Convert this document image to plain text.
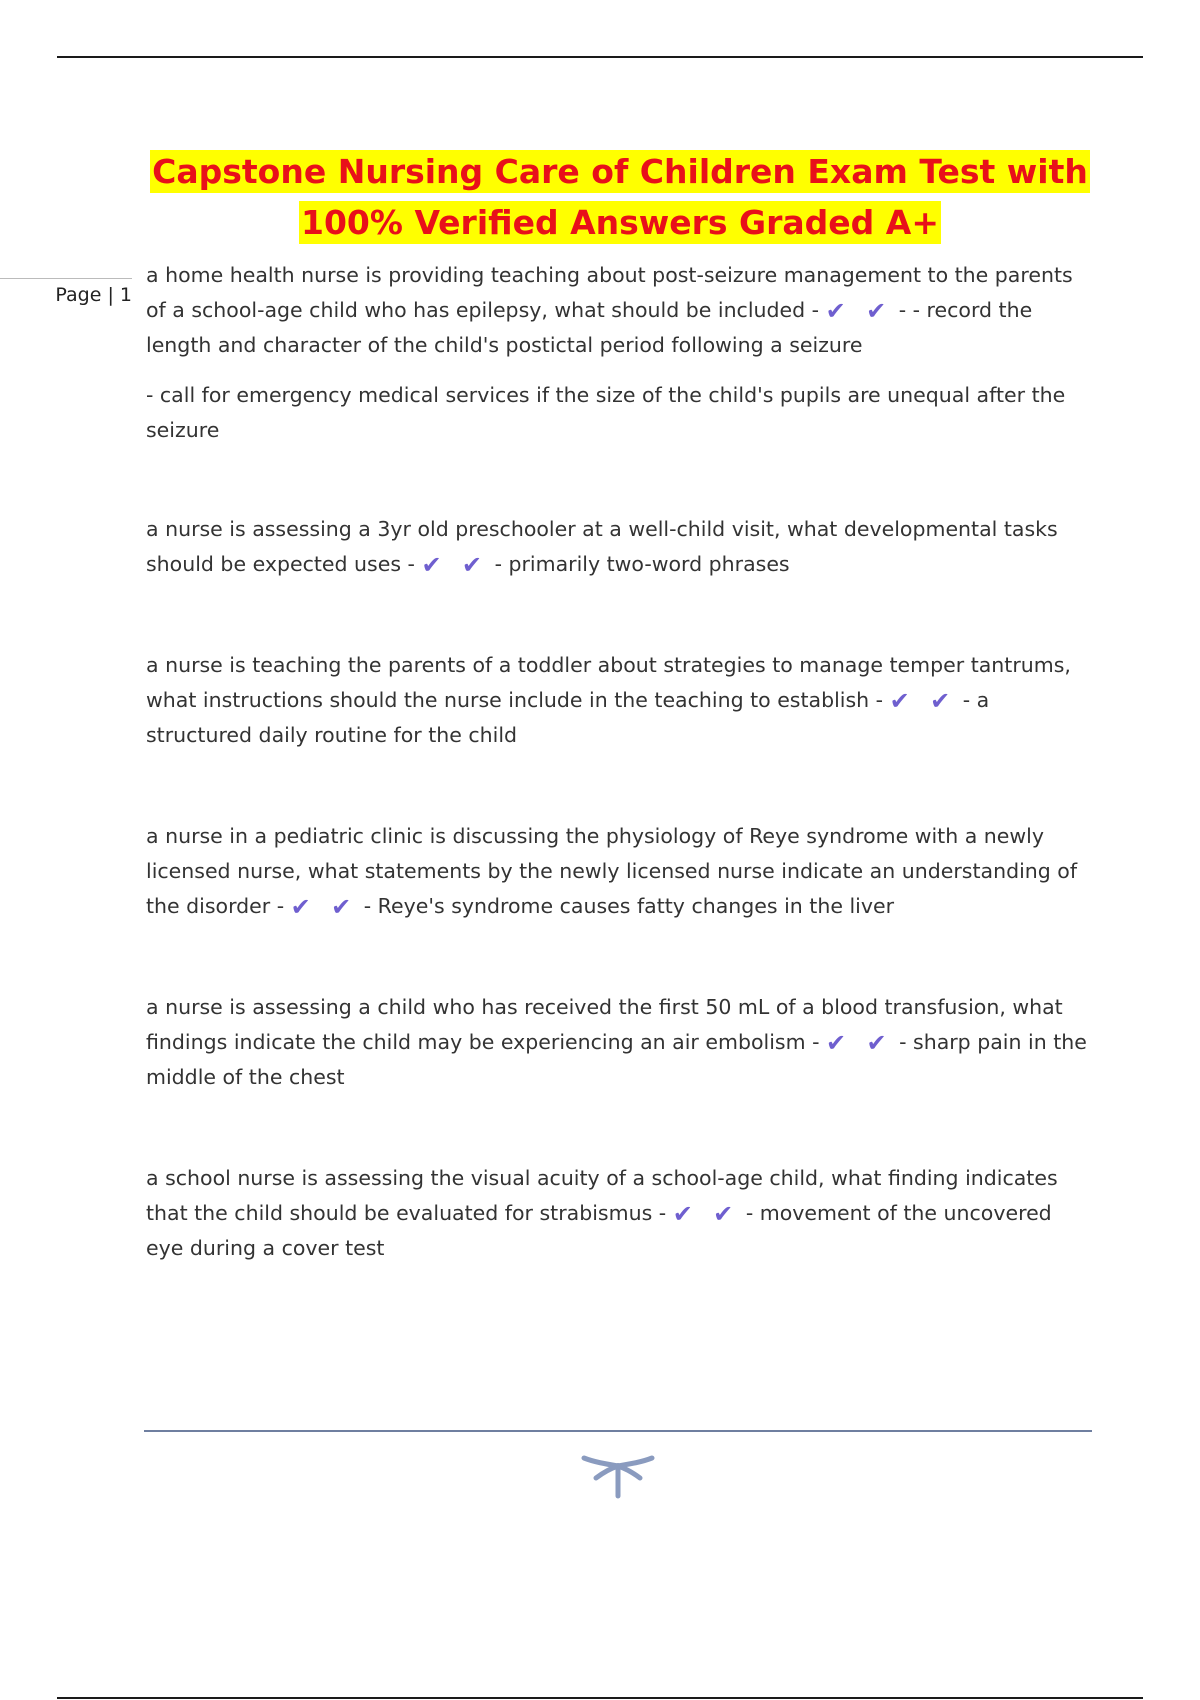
Capstone Nursing Care of Children Exam Test with
100% Verified Answers Graded A+
Page | 1

a home health nurse is providing teaching about post-seizure management to the parents of a school-age child who has epilepsy, what should be included - ✔ ✔ - - record the length and character of the child's postictal period following a seizure

- call for emergency medical services if the size of the child's pupils are unequal after the seizure

a nurse is assessing a 3yr old preschooler at a well-child visit, what developmental tasks should be expected uses - ✔ ✔ - primarily two-word phrases

a nurse is teaching the parents of a toddler about strategies to manage temper tantrums, what instructions should the nurse include in the teaching to establish - ✔ ✔ - a structured daily routine for the child

a nurse in a pediatric clinic is discussing the physiology of Reye syndrome with a newly licensed nurse, what statements by the newly licensed nurse indicate an understanding of the disorder - ✔ ✔ - Reye's syndrome causes fatty changes in the liver

a nurse is assessing a child who has received the first 50 mL of a blood transfusion, what findings indicate the child may be experiencing an air embolism - ✔ ✔ - sharp pain in the middle of the chest

a school nurse is assessing the visual acuity of a school-age child, what finding indicates that the child should be evaluated for strabismus - ✔ ✔ - movement of the uncovered eye during a cover test
